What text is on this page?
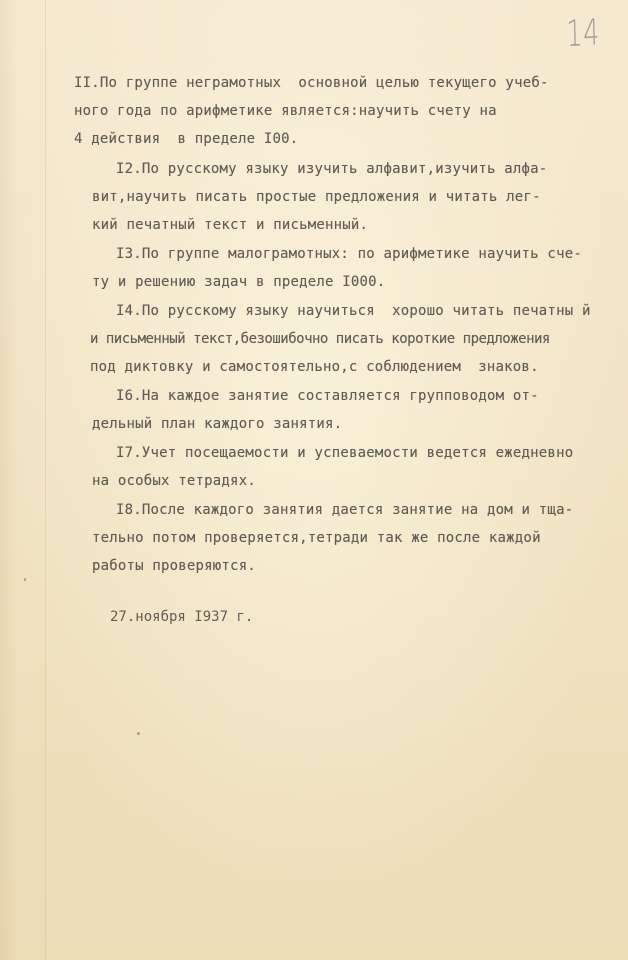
14
II.По группе неграмотных  основной целью текущего учеб-
ного года по арифметике является:научить счету на
4 действия  в пределе I00.
I2.По русскому языку изучить алфавит,изучить алфа-
вит,научить писать простые предложения и читать лег-
кий печатный текст и письменный.
I3.По группе малограмотных: по арифметике научить сче-
ту и решению задач в пределе I000.
I4.По русскому языку научиться  хорошо читать печатны й
и письменный текст,безошибочно писать короткие предложения
под диктовку и самостоятельно,с соблюдением  знаков.
I6.На каждое занятие составляется групповодом от-
дельный план каждого занятия.
I7.Учет посещаемости и успеваемости ведется ежедневно
на особых тетрадях.
I8.После каждого занятия дается занятие на дом и тща-
тельно потом проверяется,тетради так же после каждой
работы проверяются.
27.ноября I937 г.
